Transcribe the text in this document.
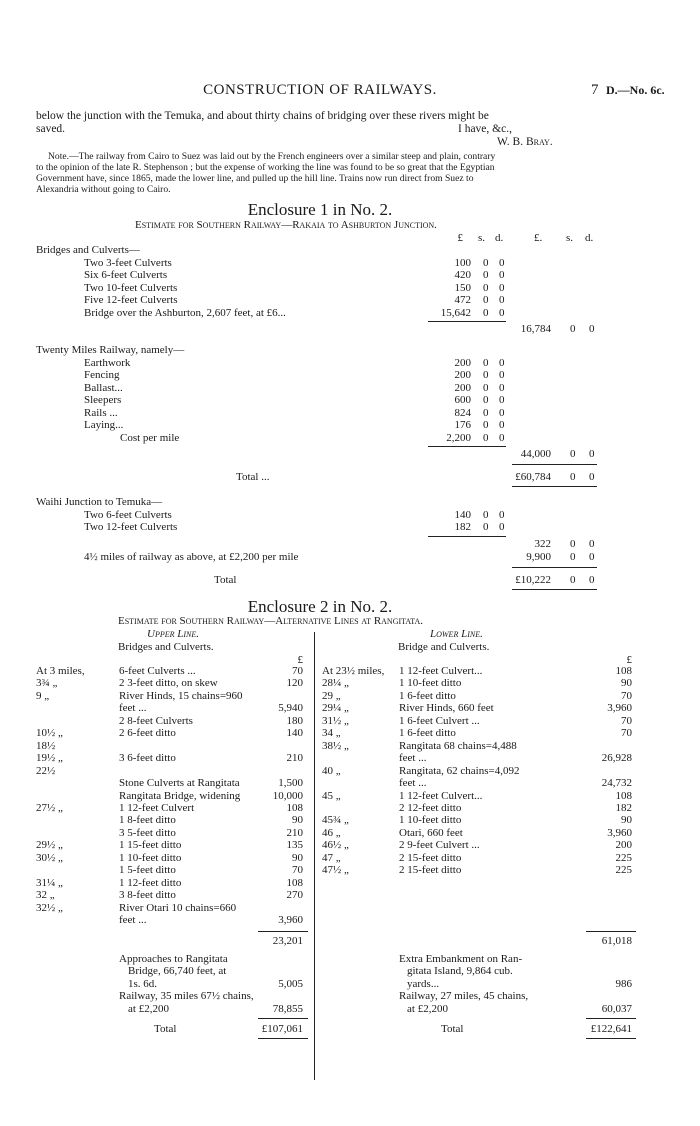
CONSTRUCTION OF RAILWAYS.	7 D.—No. 6c.
below the junction with the Temuka, and about thirty chains of bridging over these rivers might be
saved.	I have, &c.,
W. B. Bray.
Note.—The railway from Cairo to Suez was laid out by the French engineers over a similar steep and plain, contrary
to the opinion of the late R. Stephenson ; but the expense of working the line was found to be so great that the Egyptian
Government have, since 1865, made the lower line, and pulled up the hill line. Trains now run direct from Suez to
Alexandria without going to Cairo.
Enclosure 1 in No. 2.
Estimate for Southern Railway—Rakaia to Ashburton Junction.
£ s. d.	£. s. d.
Bridges and Culverts—
Two 3-feet Culverts	100 0 0
Six 6-feet Culverts	420 0 0
Two 10-feet Culverts	150 0 0
Five 12-feet Culverts	472 0 0
Bridge over the Ashburton, 2,607 feet, at £6...	15,642 0 0
16,784 0 0
Twenty Miles Railway, namely—
Earthwork	200 0 0
Fencing	200 0 0
Ballast...	200 0 0
Sleepers	600 0 0
Rails ...	824 0 0
Laying...	176 0 0
Cost per mile	2,200 0 0
44,000 0 0
Total ...	£60,784 0 0
Waihi Junction to Temuka—
Two 6-feet Culverts	140 0 0
Two 12-feet Culverts	182 0 0
322 0 0
4½ miles of railway as above, at £2,200 per mile	9,900 0 0
Total	£10,222 0 0
Enclosure 2 in No. 2.
Estimate for Southern Railway—Alternative Lines at Rangitata.
Upper Line.
Bridges and Culverts.
£
At 3 miles,	6-feet Culverts ...	70
3¾ „	2 3-feet ditto, on skew	120
9 „	River Hinds, 15 chains=960
feet ...	5,940
2 8-feet Culverts	180
10½ „	2 6-feet ditto	140
18½
19½ „	3 6-feet ditto	210
22½
Stone Culverts at Rangitata	1,500
Rangitata Bridge, widening	10,000
27½ „	1 12-feet Culvert	108
1 8-feet ditto	90
3 5-feet ditto	210
29½ „	1 15-feet ditto	135
30½ „	1 10-feet ditto	90
1 5-feet ditto	70
31¼ „	1 12-feet ditto	108
32 „	3 8-feet ditto	270
32½ „	River Otari 10 chains=660
feet ...	3,960
Lower Line.
Bridge and Culverts.
£
At 23½ miles, 1 12-feet Culvert...	108
28¼ „	1 10-feet ditto	90
29 „	1 6-feet ditto	70
29¼ „	River Hinds, 660 feet	3,960
31½ „	1 6-feet Culvert ...	70
34 „	1 6-feet ditto	70
38½ „	Rangitata 68 chains=4,488
feet ...	26,928
40 „	Rangitata, 62 chains=4,092
feet ...	24,732
45 „	1 12-feet Culvert...	108
2 12-feet ditto	182
45¾ „	1 10-feet ditto	90
46 „	Otari, 660 feet	3,960
46½ „	2 9-feet Culvert ...	200
47 „	2 15-feet ditto	225
47½ „	2 15-feet ditto	225
23,201
Approaches to Rangitata
Bridge, 66,740 feet, at
1s. 6d.	5,005
Railway, 35 miles 67½ chains,
at £2,200	78,855
Total	£107,061
61,018
Extra Embankment on Ran-
gitata Island, 9,864 cub.
yards...	986
Railway, 27 miles, 45 chains,
at £2,200	60,037
Total	£122,641
